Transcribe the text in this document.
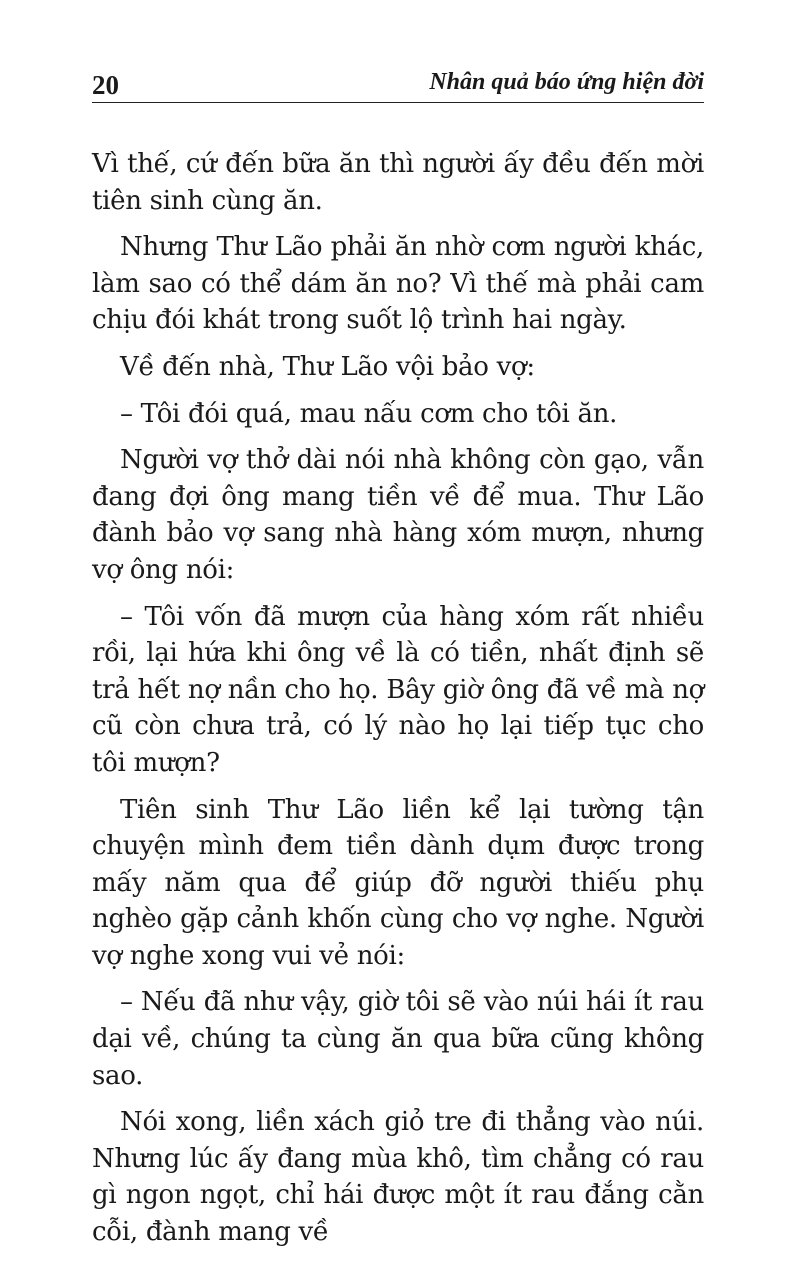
20	Nhân quả báo ứng hiện đời

Vì thế, cứ đến bữa ăn thì người ấy đều đến mời tiên sinh cùng ăn.

Nhưng Thư Lão phải ăn nhờ cơm người khác, làm sao có thể dám ăn no? Vì thế mà phải cam chịu đói khát trong suốt lộ trình hai ngày.

Về đến nhà, Thư Lão vội bảo vợ:

– Tôi đói quá, mau nấu cơm cho tôi ăn.

Người vợ thở dài nói nhà không còn gạo, vẫn đang đợi ông mang tiền về để mua. Thư Lão đành bảo vợ sang nhà hàng xóm mượn, nhưng vợ ông nói:

– Tôi vốn đã mượn của hàng xóm rất nhiều rồi, lại hứa khi ông về là có tiền, nhất định sẽ trả hết nợ nần cho họ. Bây giờ ông đã về mà nợ cũ còn chưa trả, có lý nào họ lại tiếp tục cho tôi mượn?

Tiên sinh Thư Lão liền kể lại tường tận chuyện mình đem tiền dành dụm được trong mấy năm qua để giúp đỡ người thiếu phụ nghèo gặp cảnh khốn cùng cho vợ nghe. Người vợ nghe xong vui vẻ nói:

– Nếu đã như vậy, giờ tôi sẽ vào núi hái ít rau dại về, chúng ta cùng ăn qua bữa cũng không sao.

Nói xong, liền xách giỏ tre đi thẳng vào núi. Nhưng lúc ấy đang mùa khô, tìm chẳng có rau gì ngon ngọt, chỉ hái được một ít rau đắng cằn cỗi, đành mang về
